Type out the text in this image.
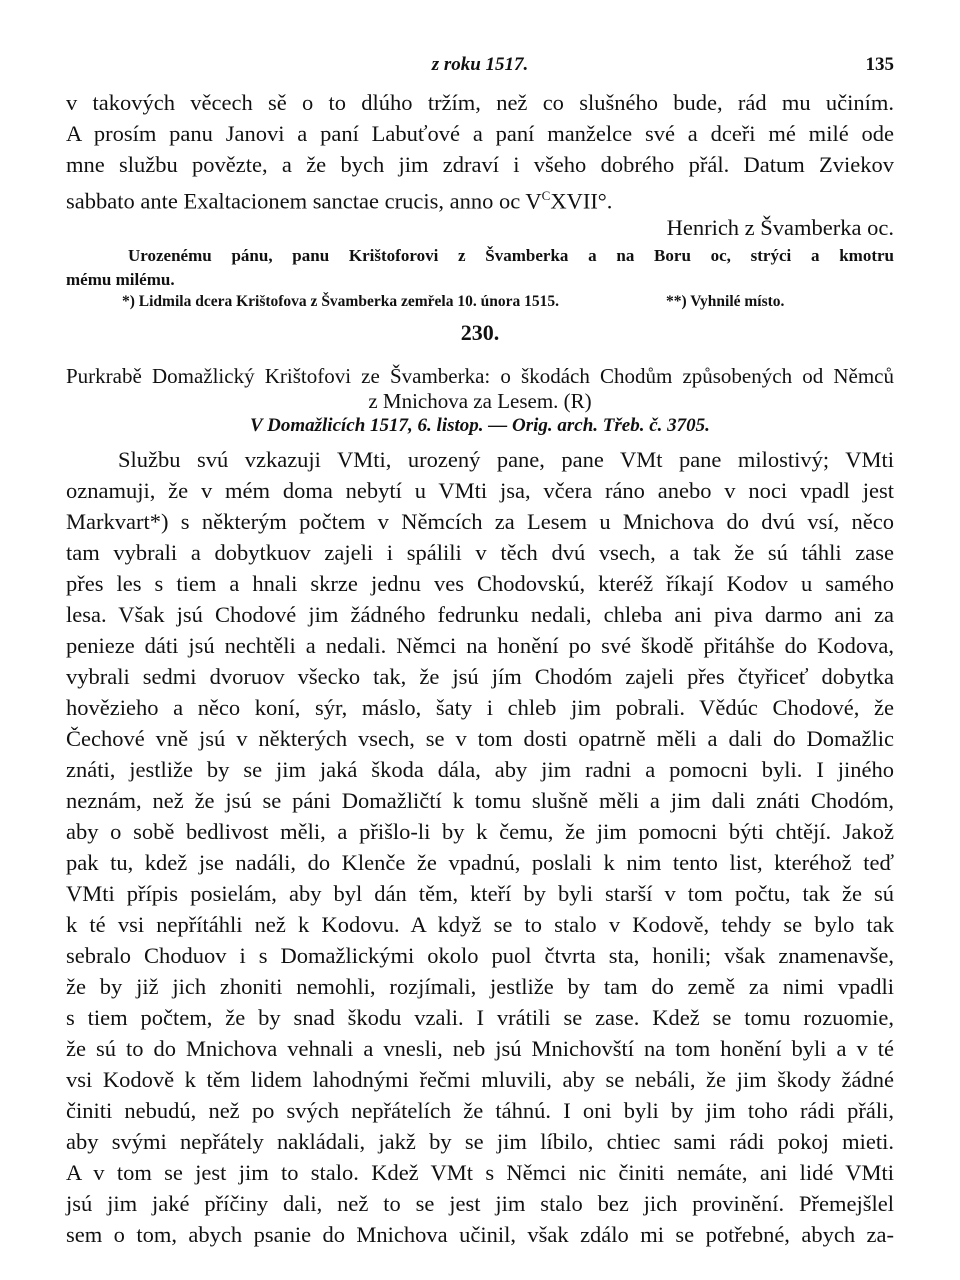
z roku 1517.	135
v takových věcech sě o to dlúho tržím, než co slušného bude, rád mu učiním.
A prosím panu Janovi a paní Labuťové a paní manželce své a dceři mé milé ode
mne službu povězte, a že bych jim zdraví i všeho dobrého přál. Datum Zviekov
sabbato ante Exaltacionem sanctae crucis, anno oc $V^CXVII^\circ$.
Henrich z Švamberka oc.
Urozenému pánu, panu Krištoforovi z Švamberka a na Boru oc, strýci a kmotru
mému milému.
*) Lidmila dcera Krištofova z Švamberka zemřela 10. února 1515.	**) Vyhnilé místo.
230.
Purkrabě Domažlický Krištofovi ze Švamberka: o škodách Chodům způsobených od Němců
z Mnichova za Lesem. (R)
V Domažlicích 1517, 6. listop. — Orig. arch. Třeb. č. 3705.
Službu svú vzkazuji VMti, urozený pane, pane VMt pane milostivý; VMti
oznamuji, že v mém doma nebytí u VMti jsa, včera ráno anebo v noci vpadl jest
Markvart*) s některým počtem v Němcích za Lesem u Mnichova do dvú vsí, něco
tam vybrali a dobytkuov zajeli i spálili v těch dvú vsech, a tak že sú táhli zase
přes les s tiem a hnali skrze jednu ves Chodovskú, kteréž říkají Kodov u samého
lesa. Však jsú Chodové jim žádného fedrunku nedali, chleba ani piva darmo ani za
penieze dáti jsú nechtěli a nedali. Němci na honění po své škodě přitáhše do Kodova,
vybrali sedmi dvoruov všecko tak, že jsú jím Chodóm zajeli přes čtyřiceť dobytka
hovězieho a něco koní, sýr, máslo, šaty i chleb jim pobrali. Vědúc Chodové, že
Čechové vně jsú v některých vsech, se v tom dosti opatrně měli a dali do Domažlic
znáti, jestliže by se jim jaká škoda dála, aby jim radni a pomocni byli. I jiného
neznám, než že jsú se páni Domažličtí k tomu slušně měli a jim dali znáti Chodóm,
aby o sobě bedlivost měli, a přišlo-li by k čemu, že jim pomocni býti chtějí. Jakož
pak tu, kdež jse nadáli, do Klenče že vpadnú, poslali k nim tento list, kteréhož teď
VMti přípis posielám, aby byl dán těm, kteří by byli starší v tom počtu, tak že sú
k té vsi nepřítáhli než k Kodovu. A když se to stalo v Kodově, tehdy se bylo tak
sebralo Choduov i s Domažlickými okolo puol čtvrta sta, honili; však znamenavše,
že by již jich zhoniti nemohli, rozjímali, jestliže by tam do země za nimi vpadli
s tiem počtem, že by snad škodu vzali. I vrátili se zase. Kdež se tomu rozuomie,
že sú to do Mnichova vehnali a vnesli, neb jsú Mnichovští na tom honění byli a v té
vsi Kodově k těm lidem lahodnými řečmi mluvili, aby se nebáli, že jim škody žádné
činiti nebudú, než po svých nepřátelích že táhnú. I oni byli by jim toho rádi přáli,
aby svými nepřátely nakládali, jakž by se jim líbilo, chtiec sami rádi pokoj mieti.
A v tom se jest jim to stalo. Kdež VMt s Němci nic činiti nemáte, ani lidé VMti
jsú jim jaké příčiny dali, než to se jest jim stalo bez jich provinění. Přemejšlel
sem o tom, abych psanie do Mnichova učinil, však zdálo mi se potřebné, abych za-
